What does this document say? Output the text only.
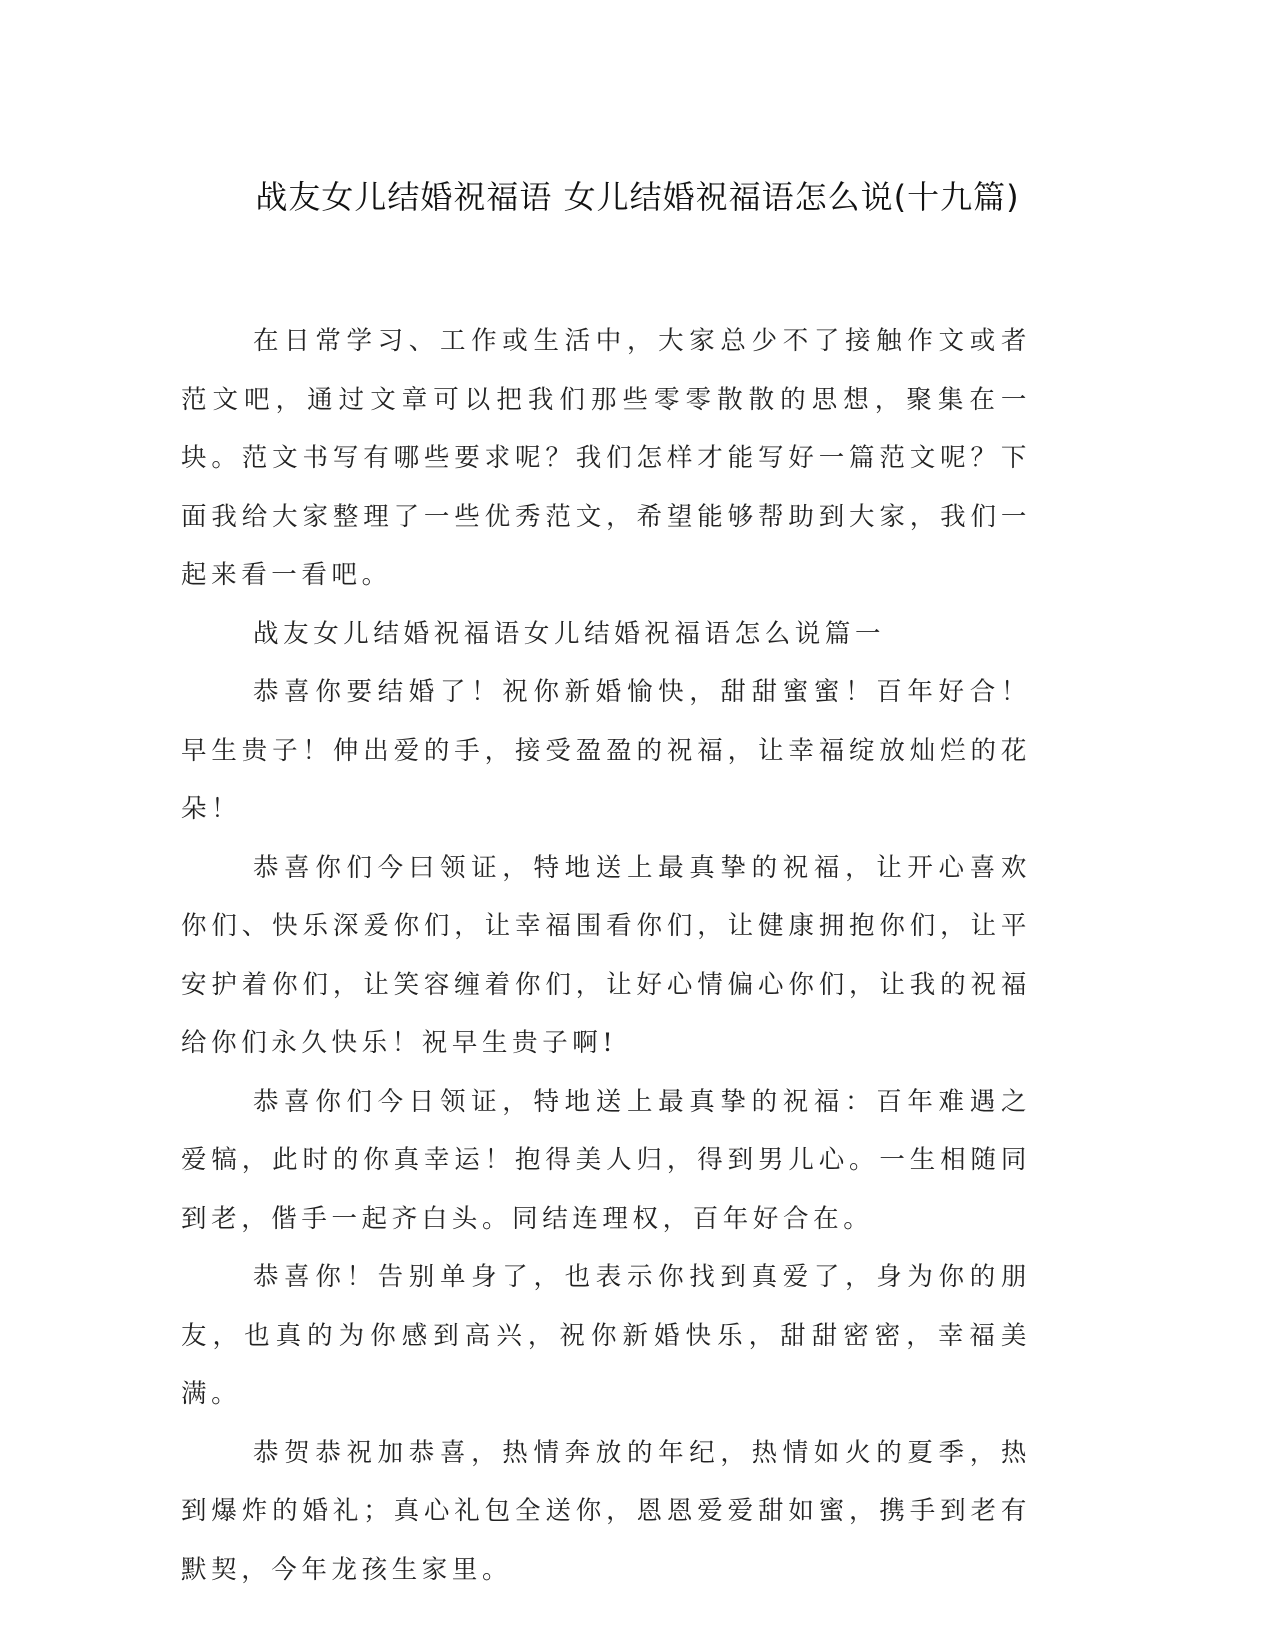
战友女儿结婚祝福语 女儿结婚祝福语怎么说(十九篇)

在日常学习、工作或生活中，大家总少不了接触作文或者范文吧，通过文章可以把我们那些零零散散的思想，聚集在一块。范文书写有哪些要求呢？我们怎样才能写好一篇范文呢？下面我给大家整理了一些优秀范文，希望能够帮助到大家，我们一起来看一看吧。

战友女儿结婚祝福语女儿结婚祝福语怎么说篇一

恭喜你要结婚了！祝你新婚愉快，甜甜蜜蜜！百年好合！早生贵子！伸出爱的手，接受盈盈的祝福，让幸福绽放灿烂的花朵！

恭喜你们今曰领证，特地送上最真挚的祝福，让开心喜欢你们、快乐深爰你们，让幸福围看你们，让健康拥抱你们，让平安护着你们，让笑容缠着你们，让好心情偏心你们，让我的祝福给你们永久快乐！祝早生贵子啊!

恭喜你们今日领证，特地送上最真挚的祝福：百年难遇之爱犒，此时的你真幸运！抱得美人归，得到男儿心。一生相随同到老，偕手一起齐白头。同结连理权，百年好合在。

恭喜你！告别单身了，也表示你找到真爱了，身为你的朋友，也真的为你感到高兴，祝你新婚快乐，甜甜密密，幸福美满。

恭贺恭祝加恭喜，热情奔放的年纪，热情如火的夏季，热到爆炸的婚礼；真心礼包全送你，恩恩爱爱甜如蜜，携手到老有默契，今年龙孩生家里。
